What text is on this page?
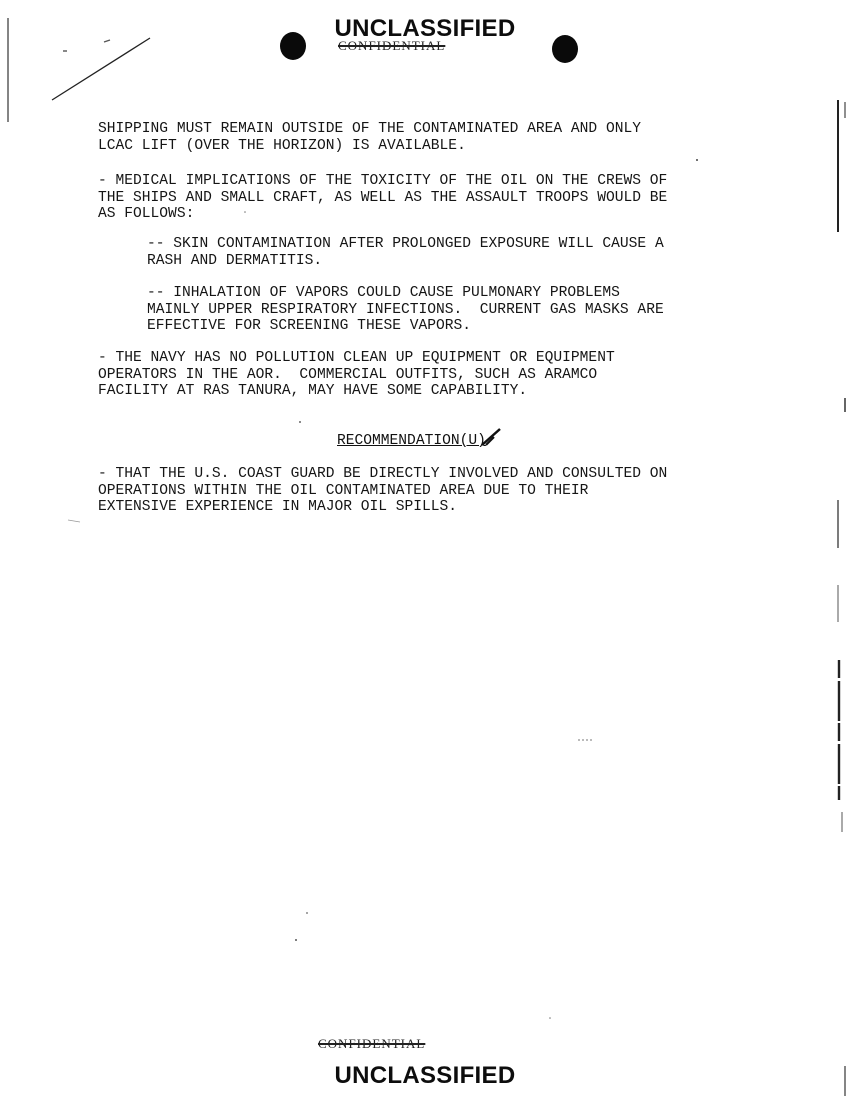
UNCLASSIFIED
CONFIDENTIAL
SHIPPING MUST REMAIN OUTSIDE OF THE CONTAMINATED AREA AND ONLY
LCAC LIFT (OVER THE HORIZON) IS AVAILABLE.
- MEDICAL IMPLICATIONS OF THE TOXICITY OF THE OIL ON THE CREWS OF
THE SHIPS AND SMALL CRAFT, AS WELL AS THE ASSAULT TROOPS WOULD BE
AS FOLLOWS:
-- SKIN CONTAMINATION AFTER PROLONGED EXPOSURE WILL CAUSE A
RASH AND DERMATITIS.
-- INHALATION OF VAPORS COULD CAUSE PULMONARY PROBLEMS
MAINLY UPPER RESPIRATORY INFECTIONS.  CURRENT GAS MASKS ARE
EFFECTIVE FOR SCREENING THESE VAPORS.
- THE NAVY HAS NO POLLUTION CLEAN UP EQUIPMENT OR EQUIPMENT
OPERATORS IN THE AOR.  COMMERCIAL OUTFITS, SUCH AS ARAMCO
FACILITY AT RAS TANURA, MAY HAVE SOME CAPABILITY.
RECOMMENDATION(U)
- THAT THE U.S. COAST GUARD BE DIRECTLY INVOLVED AND CONSULTED ON
OPERATIONS WITHIN THE OIL CONTAMINATED AREA DUE TO THEIR
EXTENSIVE EXPERIENCE IN MAJOR OIL SPILLS.
CONFIDENTIAL
UNCLASSIFIED
